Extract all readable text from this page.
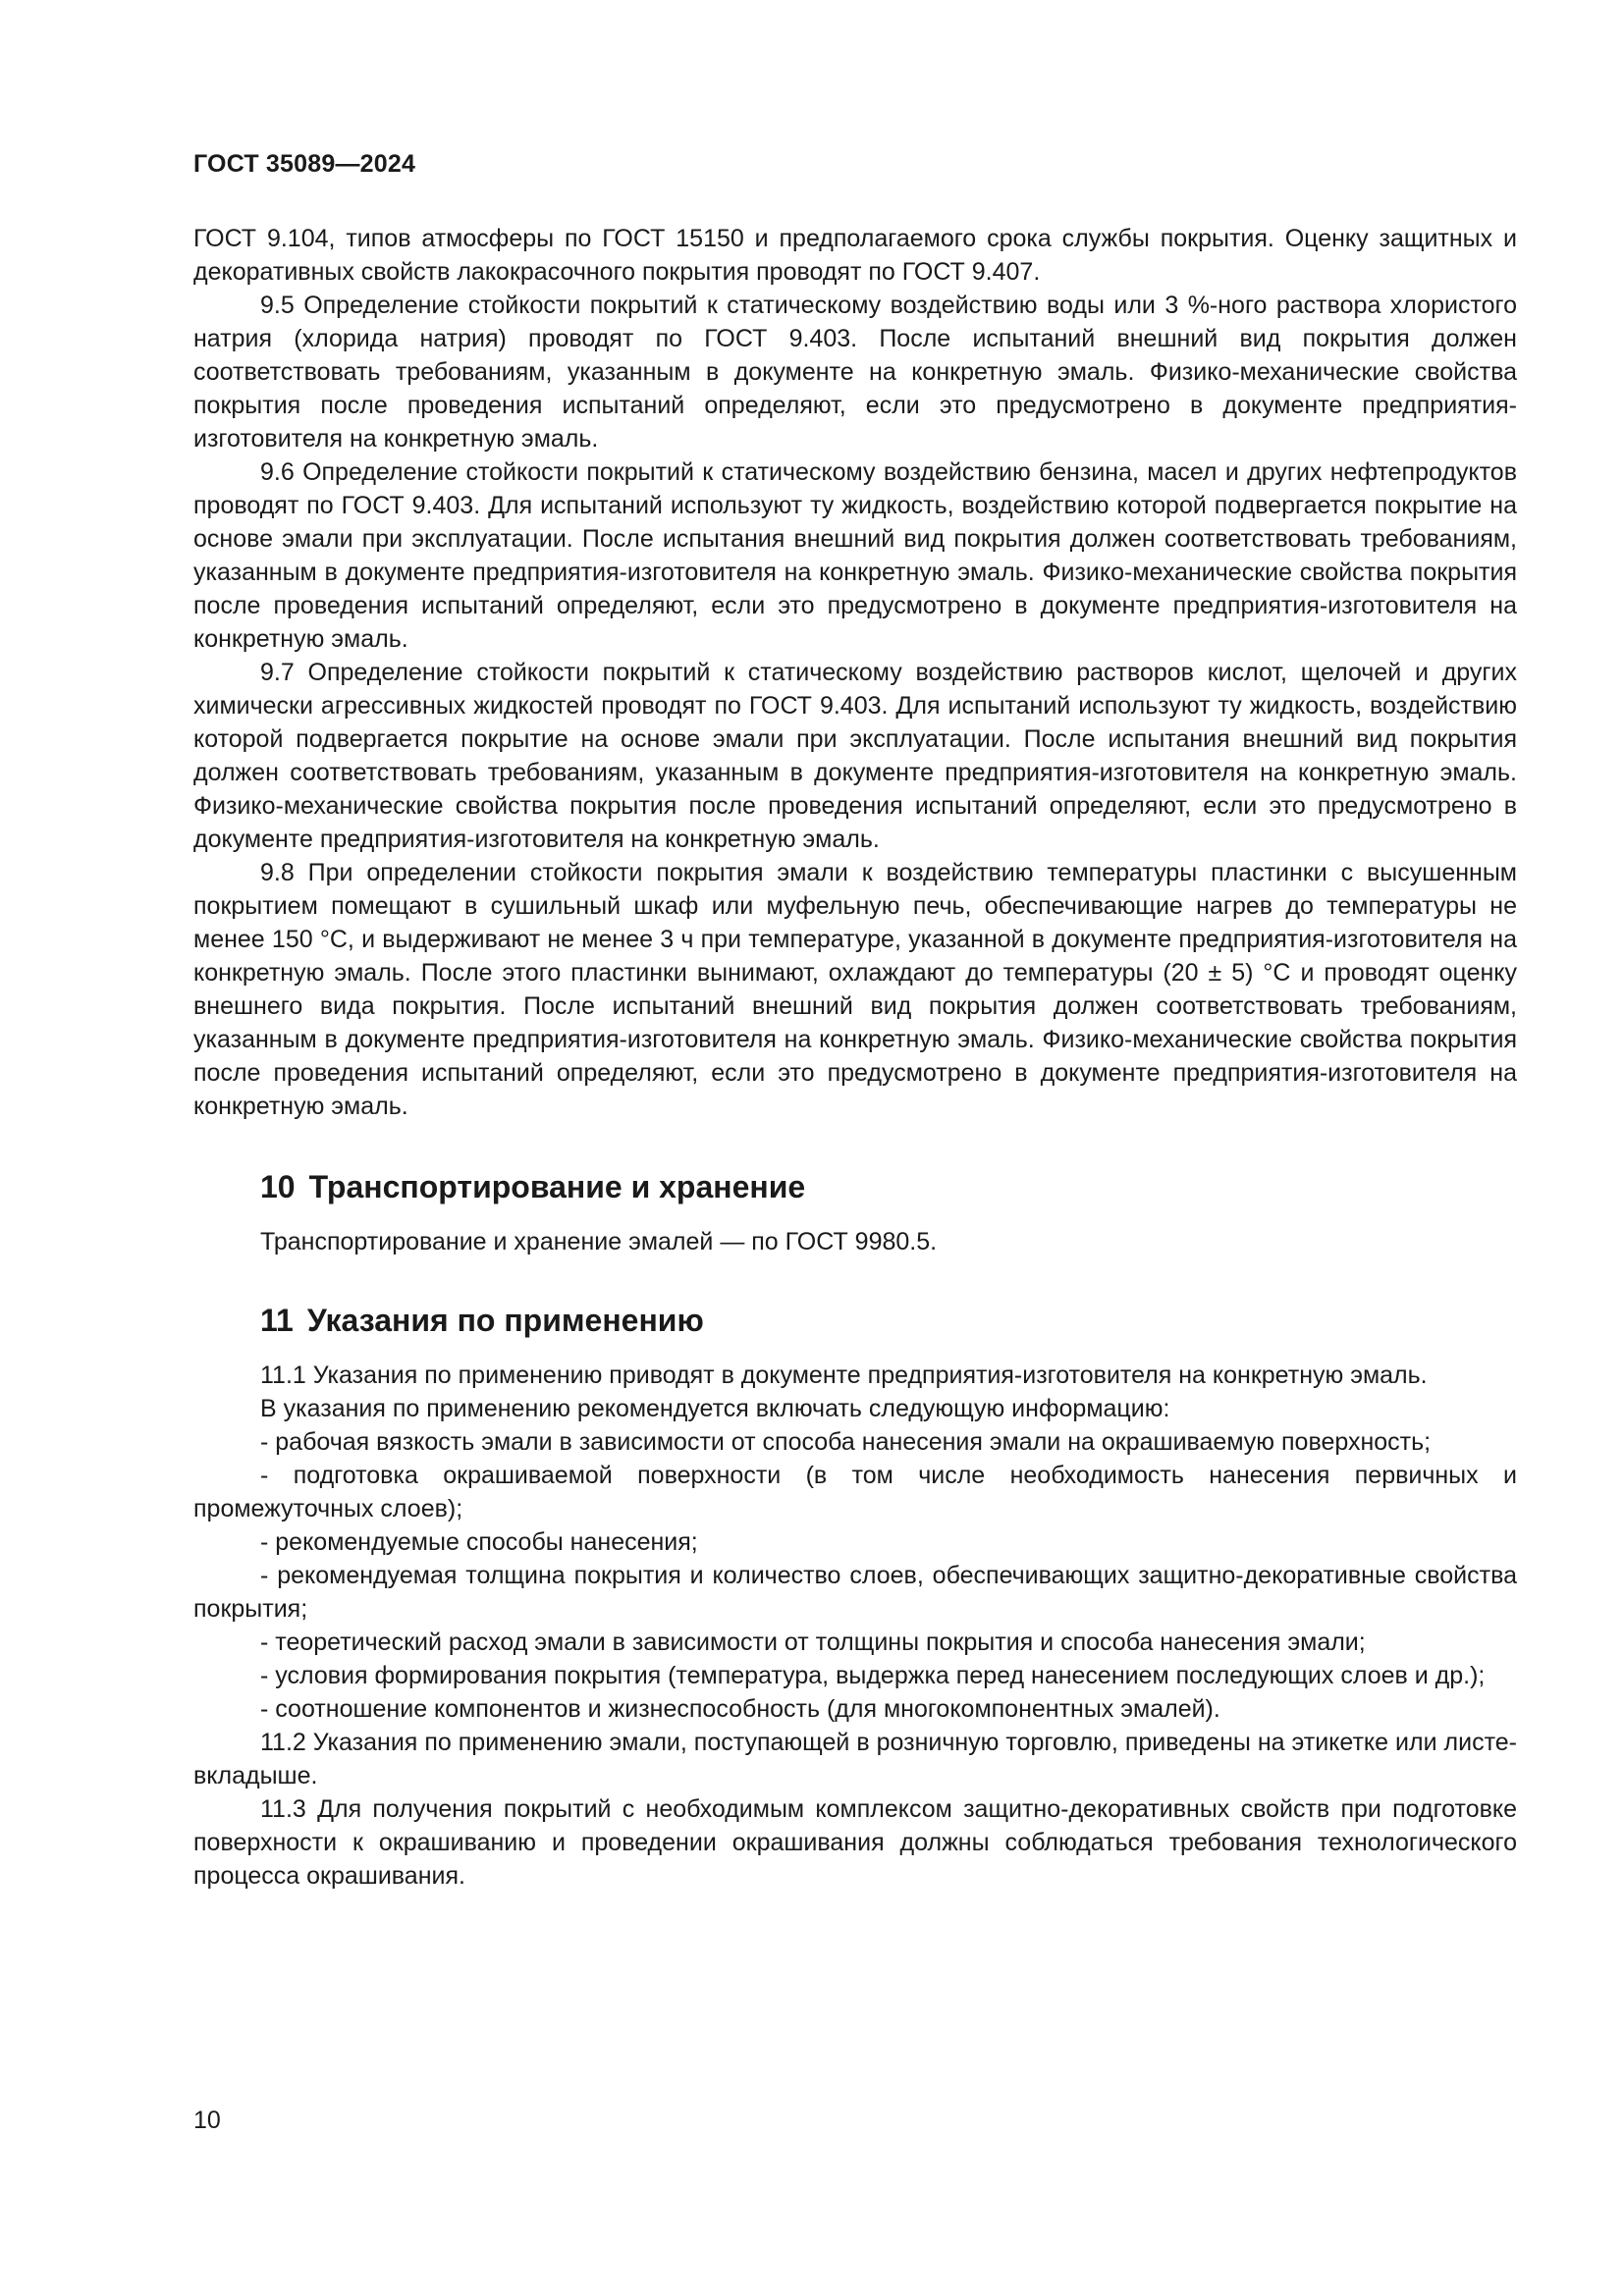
ГОСТ 35089—2024

ГОСТ 9.104, типов атмосферы по ГОСТ 15150 и предполагаемого срока службы покрытия. Оценку защитных и декоративных свойств лакокрасочного покрытия проводят по ГОСТ 9.407.

9.5 Определение стойкости покрытий к статическому воздействию воды или 3 %-ного раствора хлористого натрия (хлорида натрия) проводят по ГОСТ 9.403. После испытаний внешний вид покрытия должен соответствовать требованиям, указанным в документе на конкретную эмаль. Физико-механические свойства покрытия после проведения испытаний определяют, если это предусмотрено в документе предприятия-изготовителя на конкретную эмаль.

9.6 Определение стойкости покрытий к статическому воздействию бензина, масел и других нефтепродуктов проводят по ГОСТ 9.403. Для испытаний используют ту жидкость, воздействию которой подвергается покрытие на основе эмали при эксплуатации. После испытания внешний вид покрытия должен соответствовать требованиям, указанным в документе предприятия-изготовителя на конкретную эмаль. Физико-механические свойства покрытия после проведения испытаний определяют, если это предусмотрено в документе предприятия-изготовителя на конкретную эмаль.

9.7 Определение стойкости покрытий к статическому воздействию растворов кислот, щелочей и других химически агрессивных жидкостей проводят по ГОСТ 9.403. Для испытаний используют ту жидкость, воздействию которой подвергается покрытие на основе эмали при эксплуатации. После испытания внешний вид покрытия должен соответствовать требованиям, указанным в документе предприятия-изготовителя на конкретную эмаль. Физико-механические свойства покрытия после проведения испытаний определяют, если это предусмотрено в документе предприятия-изготовителя на конкретную эмаль.

9.8 При определении стойкости покрытия эмали к воздействию температуры пластинки с высушенным покрытием помещают в сушильный шкаф или муфельную печь, обеспечивающие нагрев до температуры не менее 150 °С, и выдерживают не менее 3 ч при температуре, указанной в документе предприятия-изготовителя на конкретную эмаль. После этого пластинки вынимают, охлаждают до температуры (20 ± 5) °С и проводят оценку внешнего вида покрытия. После испытаний внешний вид покрытия должен соответствовать требованиям, указанным в документе предприятия-изготовителя на конкретную эмаль. Физико-механические свойства покрытия после проведения испытаний определяют, если это предусмотрено в документе предприятия-изготовителя на конкретную эмаль.

10 Транспортирование и хранение

Транспортирование и хранение эмалей — по ГОСТ 9980.5.

11 Указания по применению

11.1 Указания по применению приводят в документе предприятия-изготовителя на конкретную эмаль.

В указания по применению рекомендуется включать следующую информацию:

- рабочая вязкость эмали в зависимости от способа нанесения эмали на окрашиваемую поверхность;

- подготовка окрашиваемой поверхности (в том числе необходимость нанесения первичных и промежуточных слоев);

- рекомендуемые способы нанесения;

- рекомендуемая толщина покрытия и количество слоев, обеспечивающих защитно-декоративные свойства покрытия;

- теоретический расход эмали в зависимости от толщины покрытия и способа нанесения эмали;

- условия формирования покрытия (температура, выдержка перед нанесением последующих слоев и др.);

- соотношение компонентов и жизнеспособность (для многокомпонентных эмалей).

11.2 Указания по применению эмали, поступающей в розничную торговлю, приведены на этикетке или листе-вкладыше.

11.3 Для получения покрытий с необходимым комплексом защитно-декоративных свойств при подготовке поверхности к окрашиванию и проведении окрашивания должны соблюдаться требования технологического процесса окрашивания.

10
